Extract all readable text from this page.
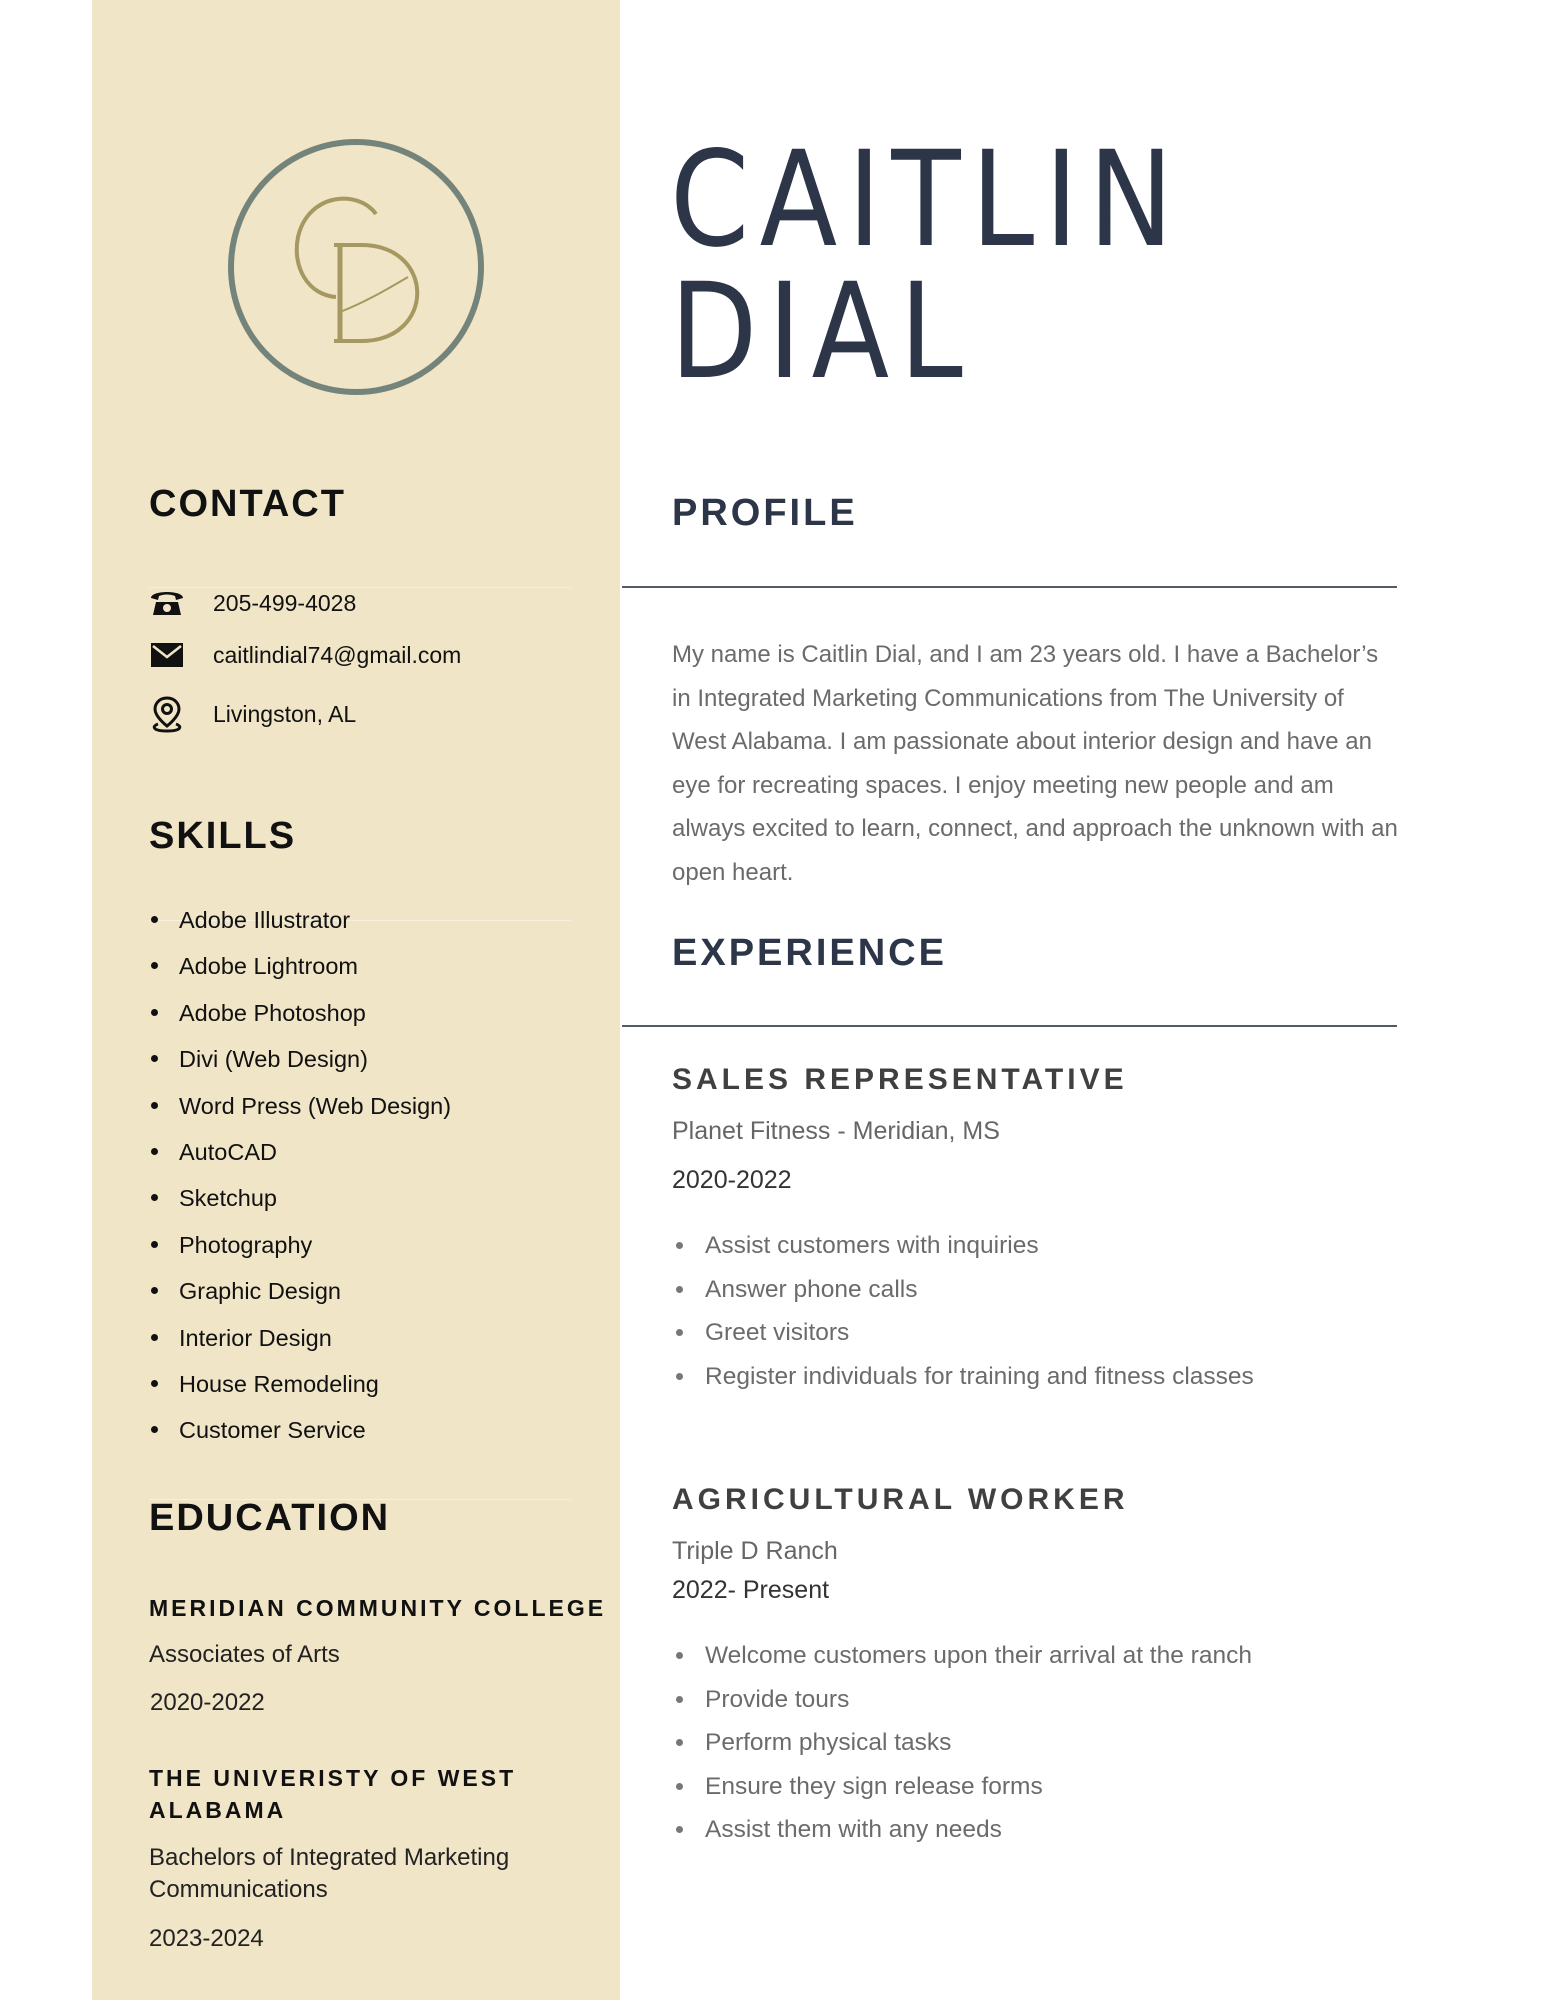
CONTACT
205-499-4028
caitlindial74@gmail.com
Livingston, AL
SKILLS
Adobe Illustrator
Adobe Lightroom
Adobe Photoshop
Divi (Web Design)
Word Press (Web Design)
AutoCAD
Sketchup
Photography
Graphic Design
Interior Design
House Remodeling
Customer Service
EDUCATION
MERIDIAN COMMUNITY COLLEGE
Associates of Arts
2020-2022
THE UNIVERISTY OF WEST ALABAMA
Bachelors of Integrated Marketing Communications
2023-2024
CAITLIN
DIAL
PROFILE

My name is Caitlin Dial, and I am 23 years old. I have a Bachelor’s in Integrated Marketing Communications from The University of West Alabama. I am passionate about interior design and have an eye for recreating spaces. I enjoy meeting new people and am always excited to learn, connect, and approach the unknown with an open heart.

EXPERIENCE
SALES REPRESENTATIVE
Planet Fitness - Meridian, MS
2020-2022
Assist customers with inquiries
Answer phone calls
Greet visitors
Register individuals for training and fitness classes
AGRICULTURAL WORKER
Triple D Ranch
2022- Present
Welcome customers upon their arrival at the ranch
Provide tours
Perform physical tasks
Ensure they sign release forms
Assist them with any needs
